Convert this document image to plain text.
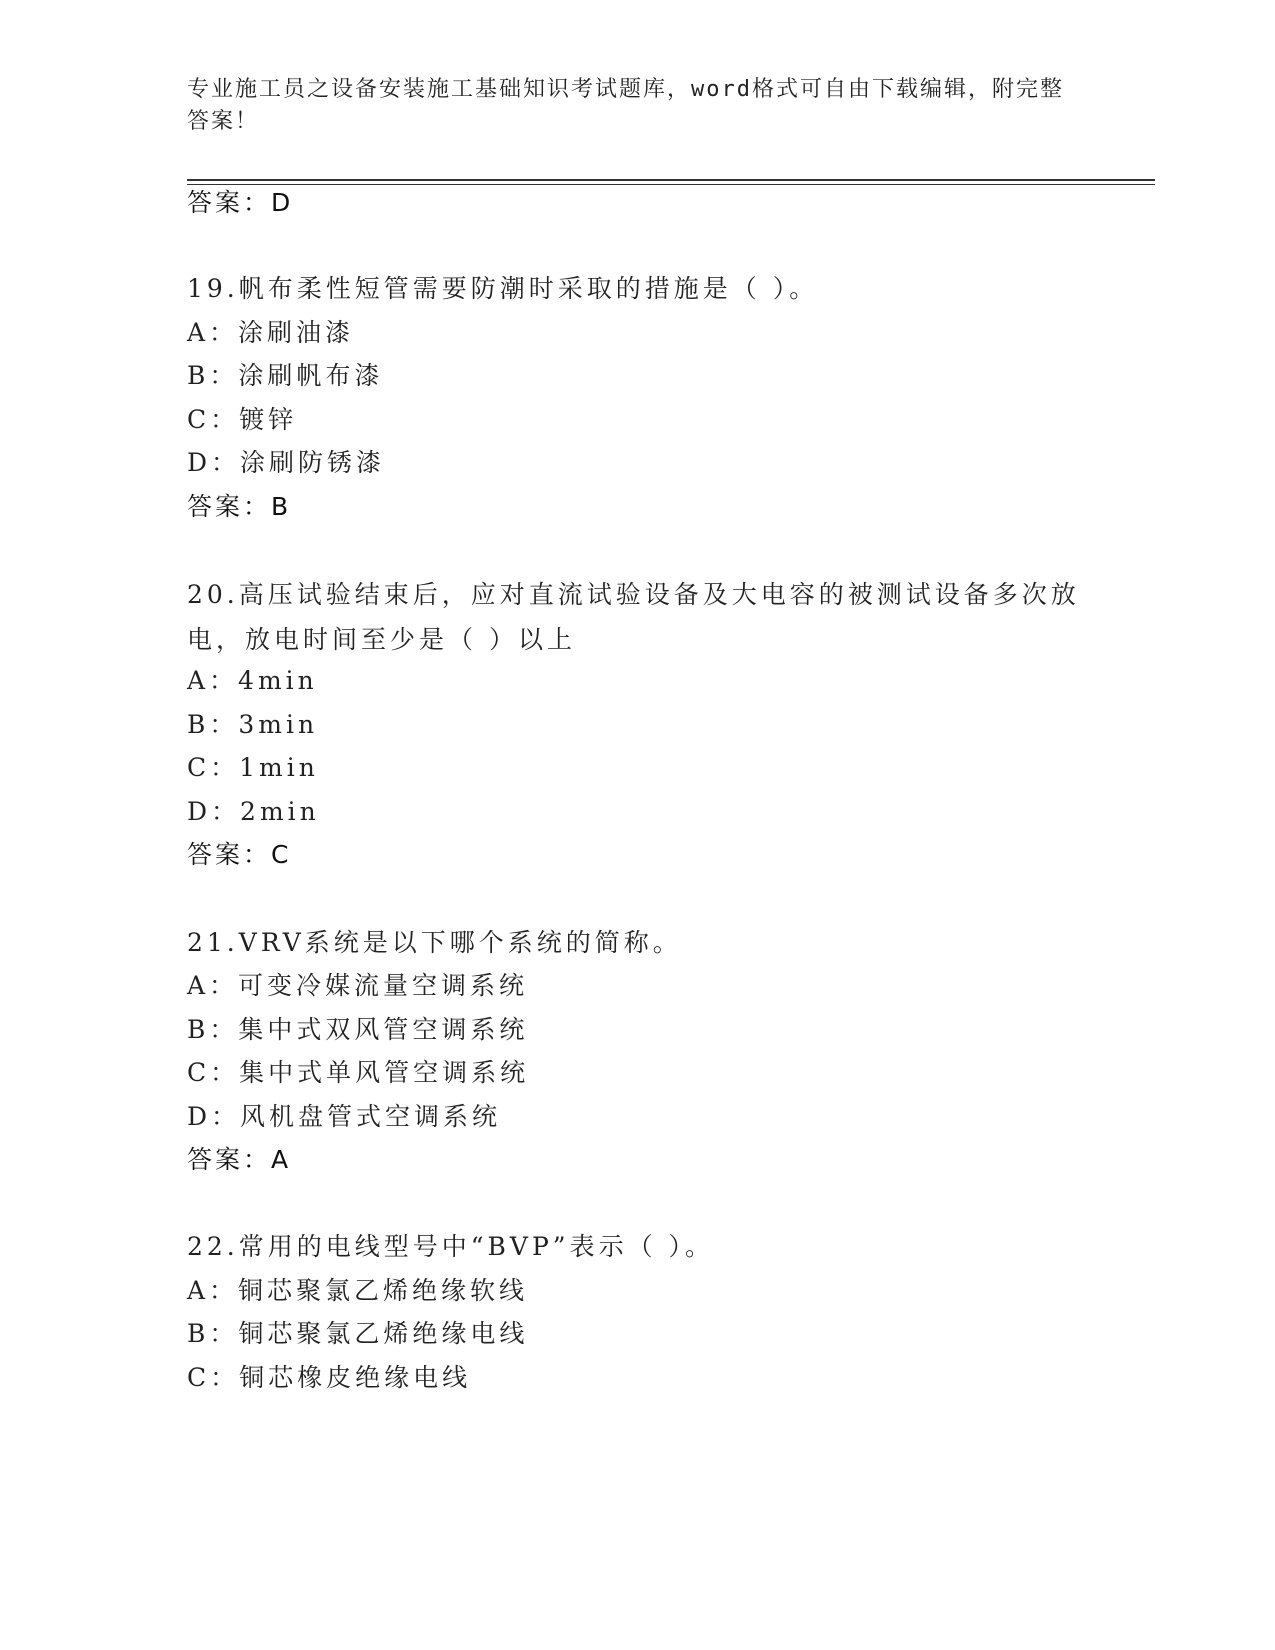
专业施工员之设备安装施工基础知识考试题库，word格式可自由下载编辑，附完整答案！
答案：D
19.帆布柔性短管需要防潮时采取的措施是（ ）。
A：涂刷油漆
B：涂刷帆布漆
C：镀锌
D：涂刷防锈漆
答案：B
20.高压试验结束后，应对直流试验设备及大电容的被测试设备多次放电，放电时间至少是（ ）以上
A：4min
B：3min
C：1min
D：2min
答案：C
21.VRV系统是以下哪个系统的简称。
A：可变冷媒流量空调系统
B：集中式双风管空调系统
C：集中式单风管空调系统
D：风机盘管式空调系统
答案：A
22.常用的电线型号中“BVP”表示（ ）。
A：铜芯聚氯乙烯绝缘软线
B：铜芯聚氯乙烯绝缘电线
C：铜芯橡皮绝缘电线
